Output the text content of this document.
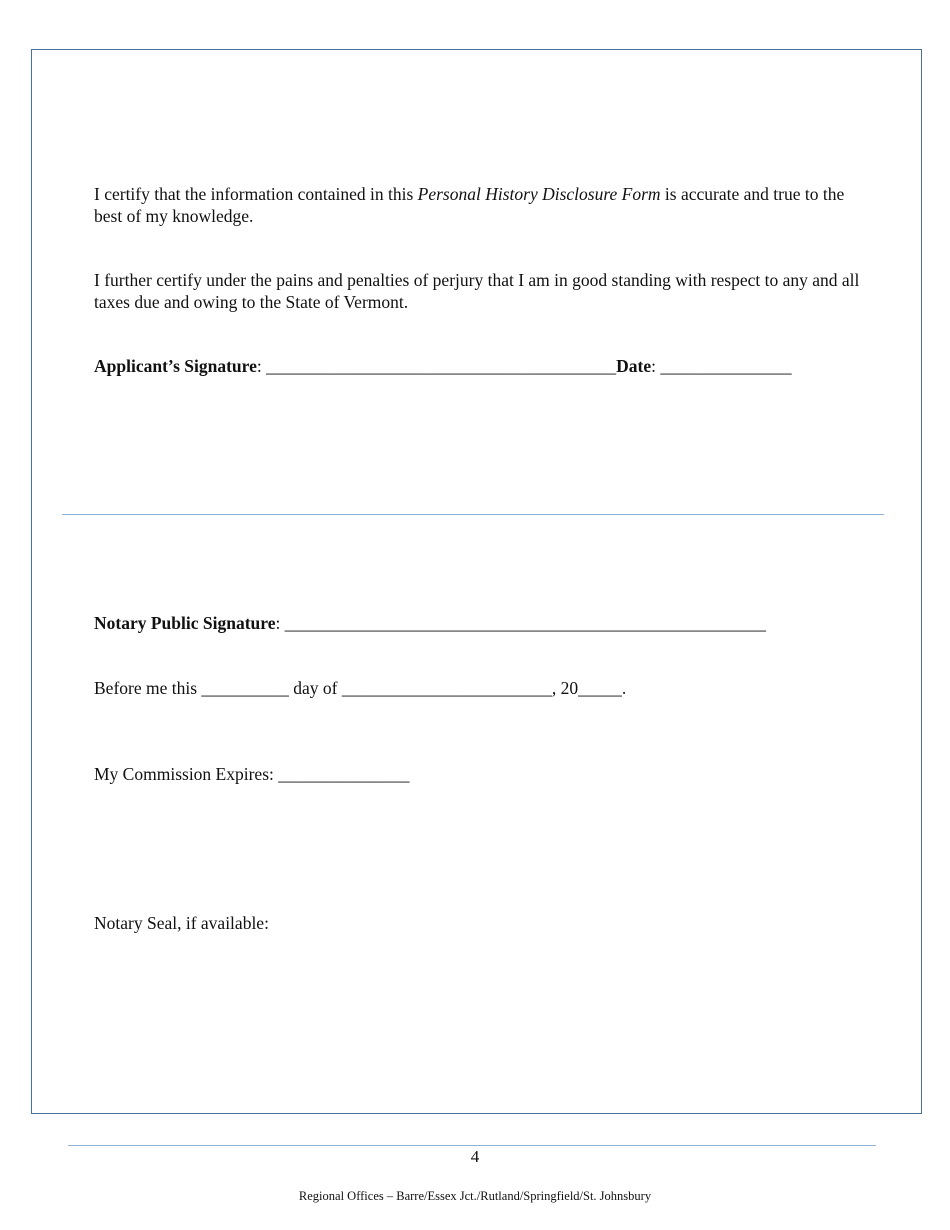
I certify that the information contained in this Personal History Disclosure Form is accurate and true to the best of my knowledge.

I further certify under the pains and penalties of perjury that I am in good standing with respect to any and all taxes due and owing to the State of Vermont.

Applicant’s Signature: ________________________________________Date: _______________

Notary Public Signature: _______________________________________________________

Before me this __________ day of ________________________, 20_____.

My Commission Expires: _______________

Notary Seal, if available:

4
Regional Offices – Barre/Essex Jct./Rutland/Springfield/St. Johnsbury
